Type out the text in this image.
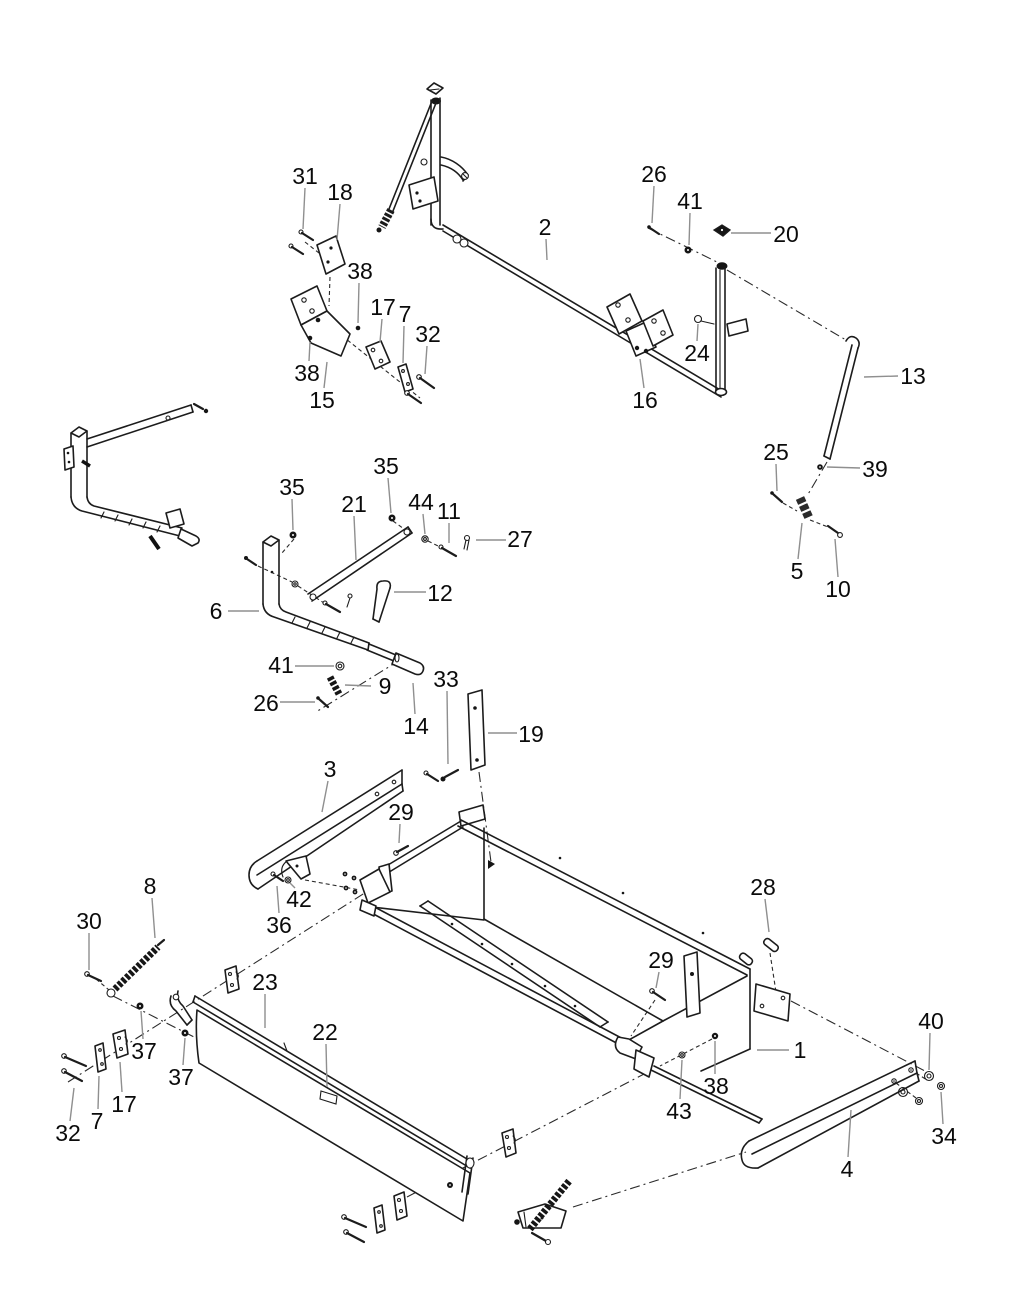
31
18
38
17 7
32
38
15
2
26
41
20
24
16
13
25
39
5
10
35
35
21 44 11
27
6
12
41
9
26
14
33
19
3
29
42
36
8
30
23
22
37
37
17
7
32
28
29
1
38
43
40
34
4
